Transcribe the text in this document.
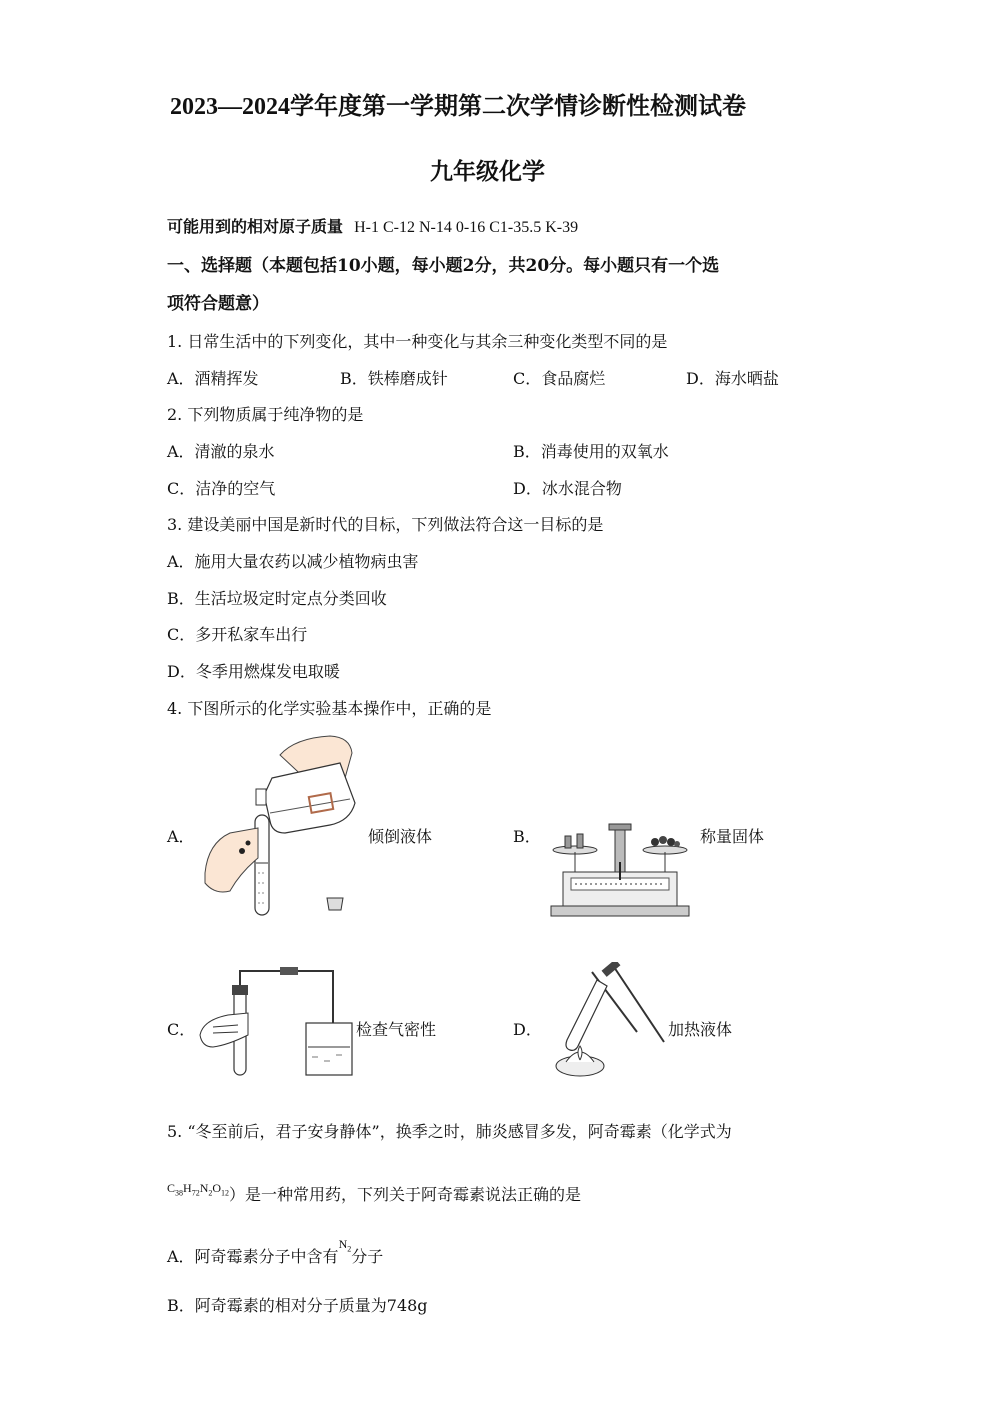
2023—2024学年度第一学期第二次学情诊断性检测试卷
九年级化学
可能用到的相对原子质量 H-1 C-12 N-14 0-16 C1-35.5 K-39
一、选择题（本题包括10小题，每小题2分，共20分。每小题只有一个选
项符合题意）
1. 日常生活中的下列变化，其中一种变化与其余三种变化类型不同的是
A．酒精挥发	B．铁棒磨成针	C．食品腐烂	D．海水晒盐
2. 下列物质属于纯净物的是
A．清澈的泉水	B．消毒使用的双氧水
C．洁净的空气	D．冰水混合物
3. 建设美丽中国是新时代的目标，下列做法符合这一目标的是
A．施用大量农药以减少植物病虫害
B．生活垃圾定时定点分类回收
C．多开私家车出行
D．冬季用燃煤发电取暖
4. 下图所示的化学实验基本操作中，正确的是
A．	倾倒液体	B．	称量固体
C．	检查气密性	D．	加热液体
5. “冬至前后，君子安身静体”，换季之时，肺炎感冒多发，阿奇霉素（化学式为
$^{C_{38}H_{72}N_2O_{12}}$）是一种常用药，下列关于阿奇霉素说法正确的是
A．阿奇霉素分子中含有$^{N_2}$分子
B．阿奇霉素的相对分子质量为748g
